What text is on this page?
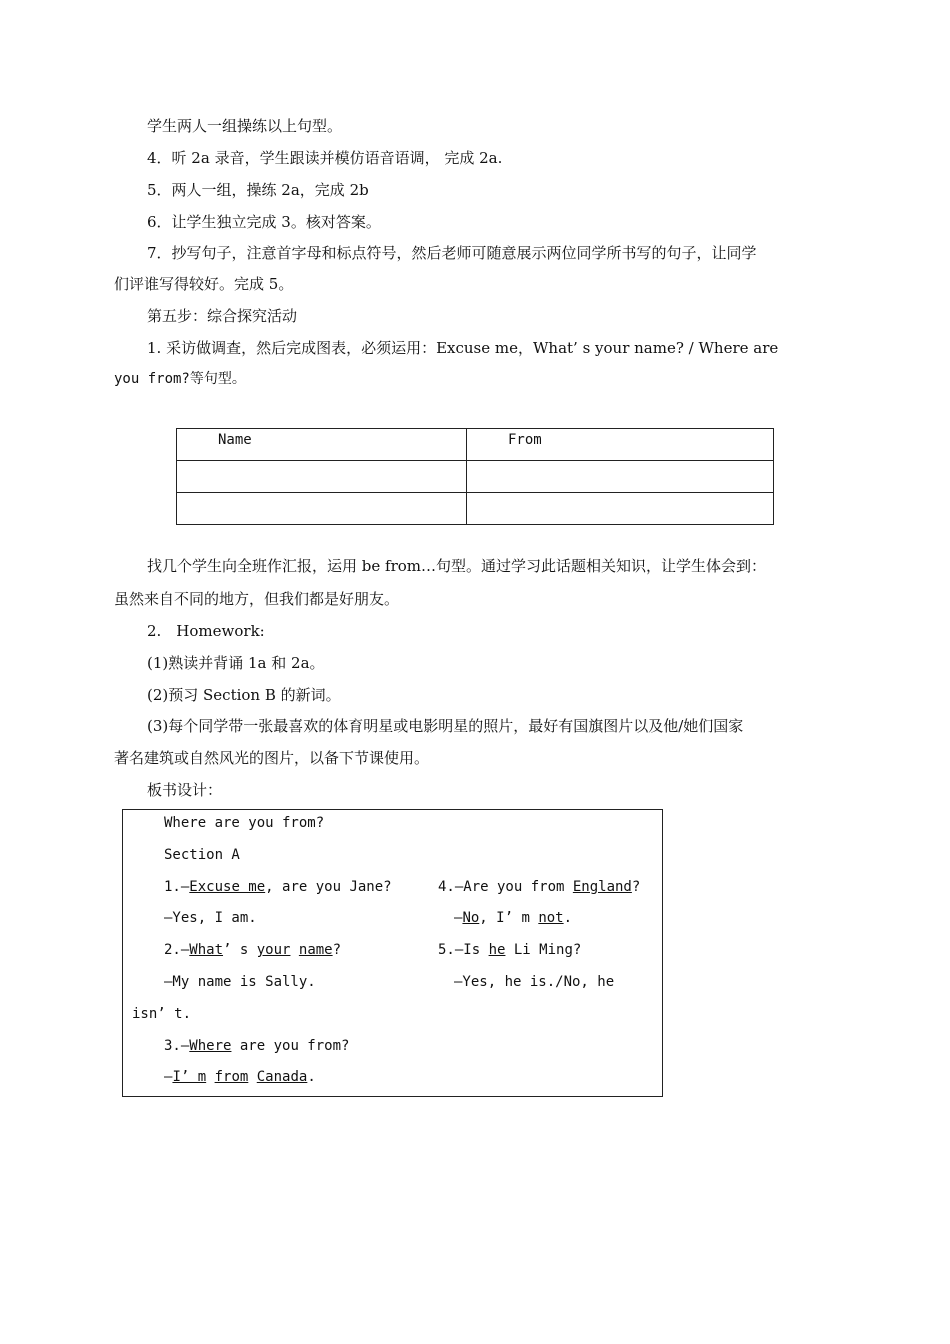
学生两人一组操练以上句型。
4．听 2a 录音，学生跟读并模仿语音语调， 完成 2a.
5．两人一组，操练 2a，完成 2b
6．让学生独立完成 3。核对答案。
7．抄写句子，注意首字母和标点符号，然后老师可随意展示两位同学所书写的句子，让同学
们评谁写得较好。完成 5。
第五步：综合探究活动
1. 采访做调查，然后完成图表，必须运用：Excuse me，What’ s your name? / Where are
you from?等句型。
Name	From

找几个学生向全班作汇报，运用 be from…句型。通过学习此话题相关知识，让学生体会到：
虽然来自不同的地方，但我们都是好朋友。
2.　Homework:
(1)熟读并背诵 1a 和 2a。
(2)预习 Section B 的新词。
(3)每个同学带一张最喜欢的体育明星或电影明星的照片，最好有国旗图片以及他/她们国家
著名建筑或自然风光的图片，以备下节课使用。
板书设计：
Where are you from?
Section A
1.—Excuse me, are you Jane?	4.—Are you from England?
—Yes, I am.	—No, I’ m not.
2.—What’ s your name?	5.—Is he Li Ming?
—My name is Sally.	—Yes, he is./No, he
isn’ t.
3.—Where are you from?
—I’ m from Canada.
